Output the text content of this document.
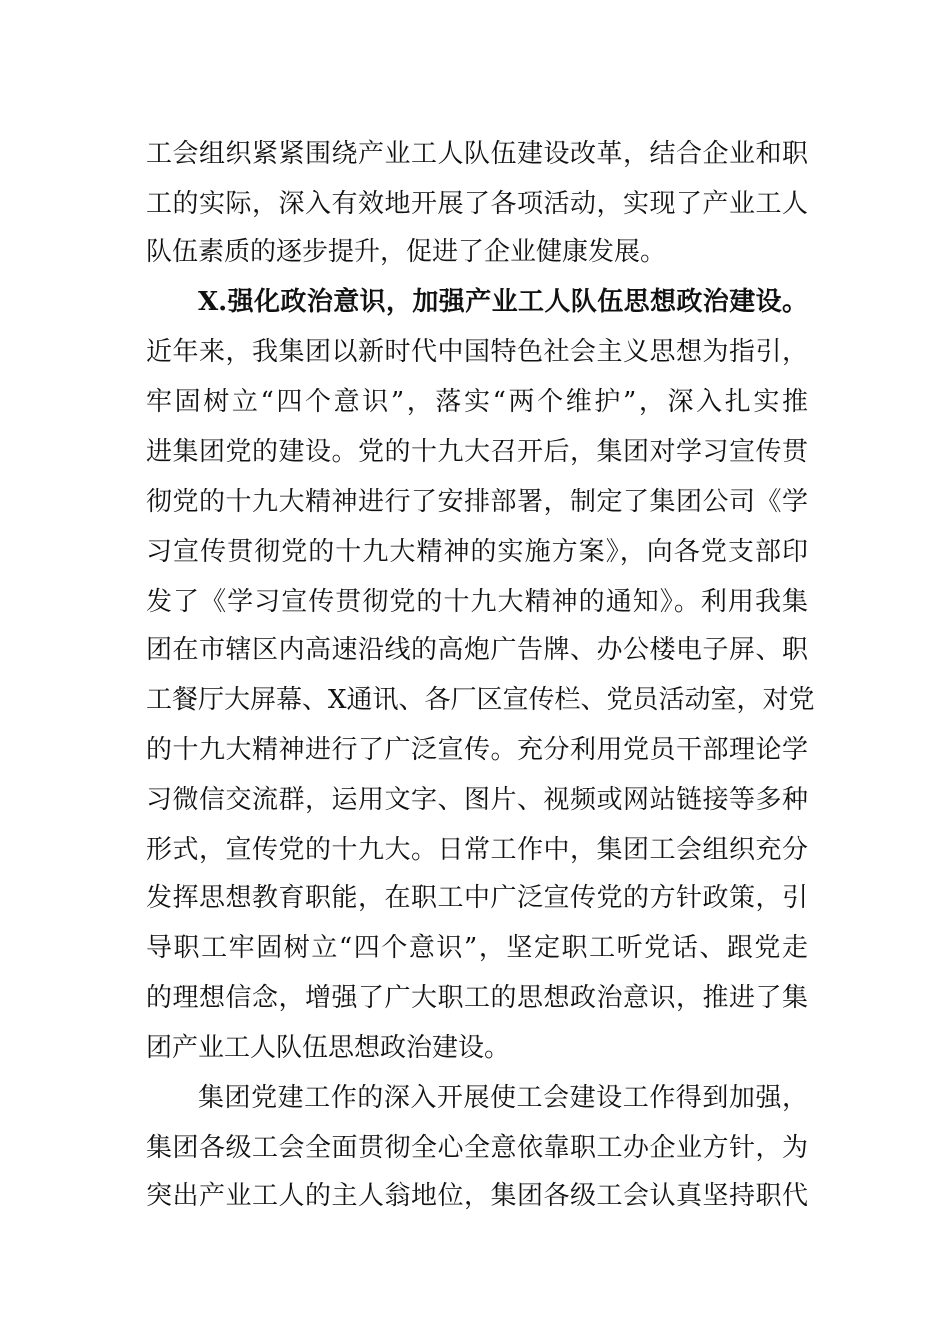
工会组织紧紧围绕产业工人队伍建设改革，结合企业和职
工的实际，深入有效地开展了各项活动，实现了产业工人
队伍素质的逐步提升，促进了企业健康发展。
X.强化政治意识，加强产业工人队伍思想政治建设。
近年来，我集团以新时代中国特色社会主义思想为指引，
牢固树立“四个意识”，落实“两个维护”，深入扎实推
进集团党的建设。党的十九大召开后，集团对学习宣传贯
彻党的十九大精神进行了安排部署，制定了集团公司《学
习宣传贯彻党的十九大精神的实施方案》，向各党支部印
发了《学习宣传贯彻党的十九大精神的通知》。利用我集
团在市辖区内高速沿线的高炮广告牌、办公楼电子屏、职
工餐厅大屏幕、X通讯、各厂区宣传栏、党员活动室，对党
的十九大精神进行了广泛宣传。充分利用党员干部理论学
习微信交流群，运用文字、图片、视频或网站链接等多种
形式，宣传党的十九大。日常工作中，集团工会组织充分
发挥思想教育职能，在职工中广泛宣传党的方针政策，引
导职工牢固树立“四个意识”，坚定职工听党话、跟党走
的理想信念，增强了广大职工的思想政治意识，推进了集
团产业工人队伍思想政治建设。
集团党建工作的深入开展使工会建设工作得到加强，
集团各级工会全面贯彻全心全意依靠职工办企业方针，为
突出产业工人的主人翁地位，集团各级工会认真坚持职代
